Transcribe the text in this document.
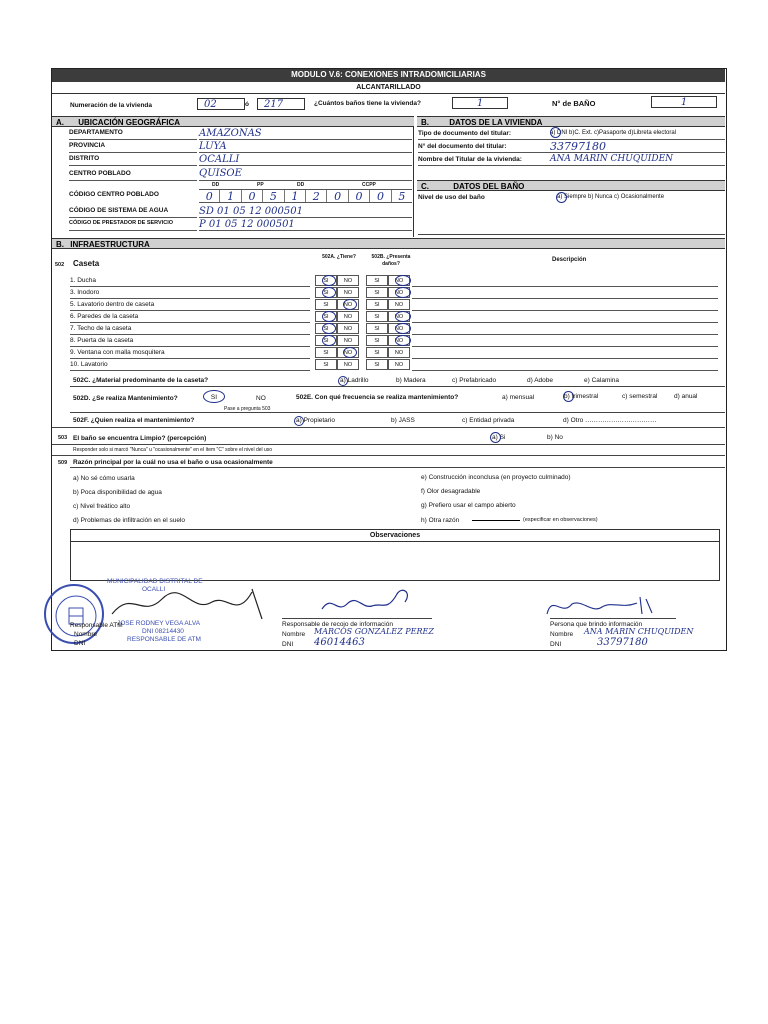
MODULO V.6: CONEXIONES INTRADOMICILIARIAS
ALCANTARILLADO
Numeración de la vivienda	02	ó	217	¿Cuántos baños tiene la vivienda?	1	N° de BAÑO	1
A. UBICACIÓN GEOGRÁFICA	B.	DATOS DE LA VIVIENDA
DEPARTAMENTO	AMAZONAS
PROVINCIA	LUYA
DISTRITO	OCALLI
CENTRO POBLADO	QUISOE
CÓDIGO CENTRO POBLADO
DD	PP	DD	CCPP
0	1	0	5	1	2	0	0	0	5
CÓDIGO DE SISTEMA DE AGUA	SD 01 05 12 000501
CÓDIGO DE PRESTADOR DE SERVICIO	P 01 05 12 000501
Tipo de documento del titular:	a) DNI b)C. Ext. c)Pasaporte d)Libreta electoral
N° del documento del titular:	33797180
Nombre del Titular de la vivienda:	ANA MARIN CHUQUIDEN
C.	DATOS DEL BAÑO
Nivel de uso del baño	a) Siempre b) Nunca c) Ocasionalmente
B. INFRAESTRUCTURA
502 Caseta
502A. ¿Tiene?	502B. ¿Presenta daños?
Descripción
1. Ducha	SI	NO	SI	NO
3. Inodoro	SI	NO	SI	NO
5. Lavatorio dentro de caseta	SI	NO	SI	NO
6. Paredes de la caseta	SI	NO	SI	NO
7. Techo de la caseta	SI	NO	SI	NO
8. Puerta de la caseta	SI	NO	SI	NO
9. Ventana con malla mosquitera	SI	NO	SI	NO
10. Lavatorio	SI	NO	SI	NO
502C. ¿Material predominante de la caseta?	a) Ladrillo	b) Madera	c) Prefabricado	d) Adobe	e) Calamina
502D. ¿Se realiza Mantenimiento?	SI	NO
Pase a pregunta 503
502E. Con qué frecuencia se realiza mantenimiento?	a) mensual	b) trimestral	c) semestral	d) anual
502F. ¿Quien realiza el mantenimiento?	a) Propietario	b) JASS	c) Entidad privada	d) Otro ……………………………
503 El baño se encuentra Limpio? (percepción)	a) Si	b) No
Responder solo si marcó "Nunca" u "ocasionalmente" en el ítem "C" sobre el nivel del uso
509 Razón principal por la cuál no usa el baño o usa ocasionalmente
a) No sé cómo usarla
b) Poca disponibilidad de agua
c) Nivel freático alto
d) Problemas de infiltración en el suelo
e) Construcción inconclusa (en proyecto culminado)
f) Olor desagradable
g) Prefiero usar el campo abierto
h) Otra razón	(especificar en observaciones)
Observaciones
MUNICIPALIDAD DISTRITAL DE
OCALLI
JOSE RODNEY VEGA ALVA
DNI 08214430
RESPONSABLE DE ATM
Responsable ATM
Nombre
DNI
Responsable de recojo de información
Nombre MARCOS GONZALEZ PEREZ
DNI 46014463
Persona que brindo información
Nombre ANA MARIN CHUQUIDEN
DNI	33797180
